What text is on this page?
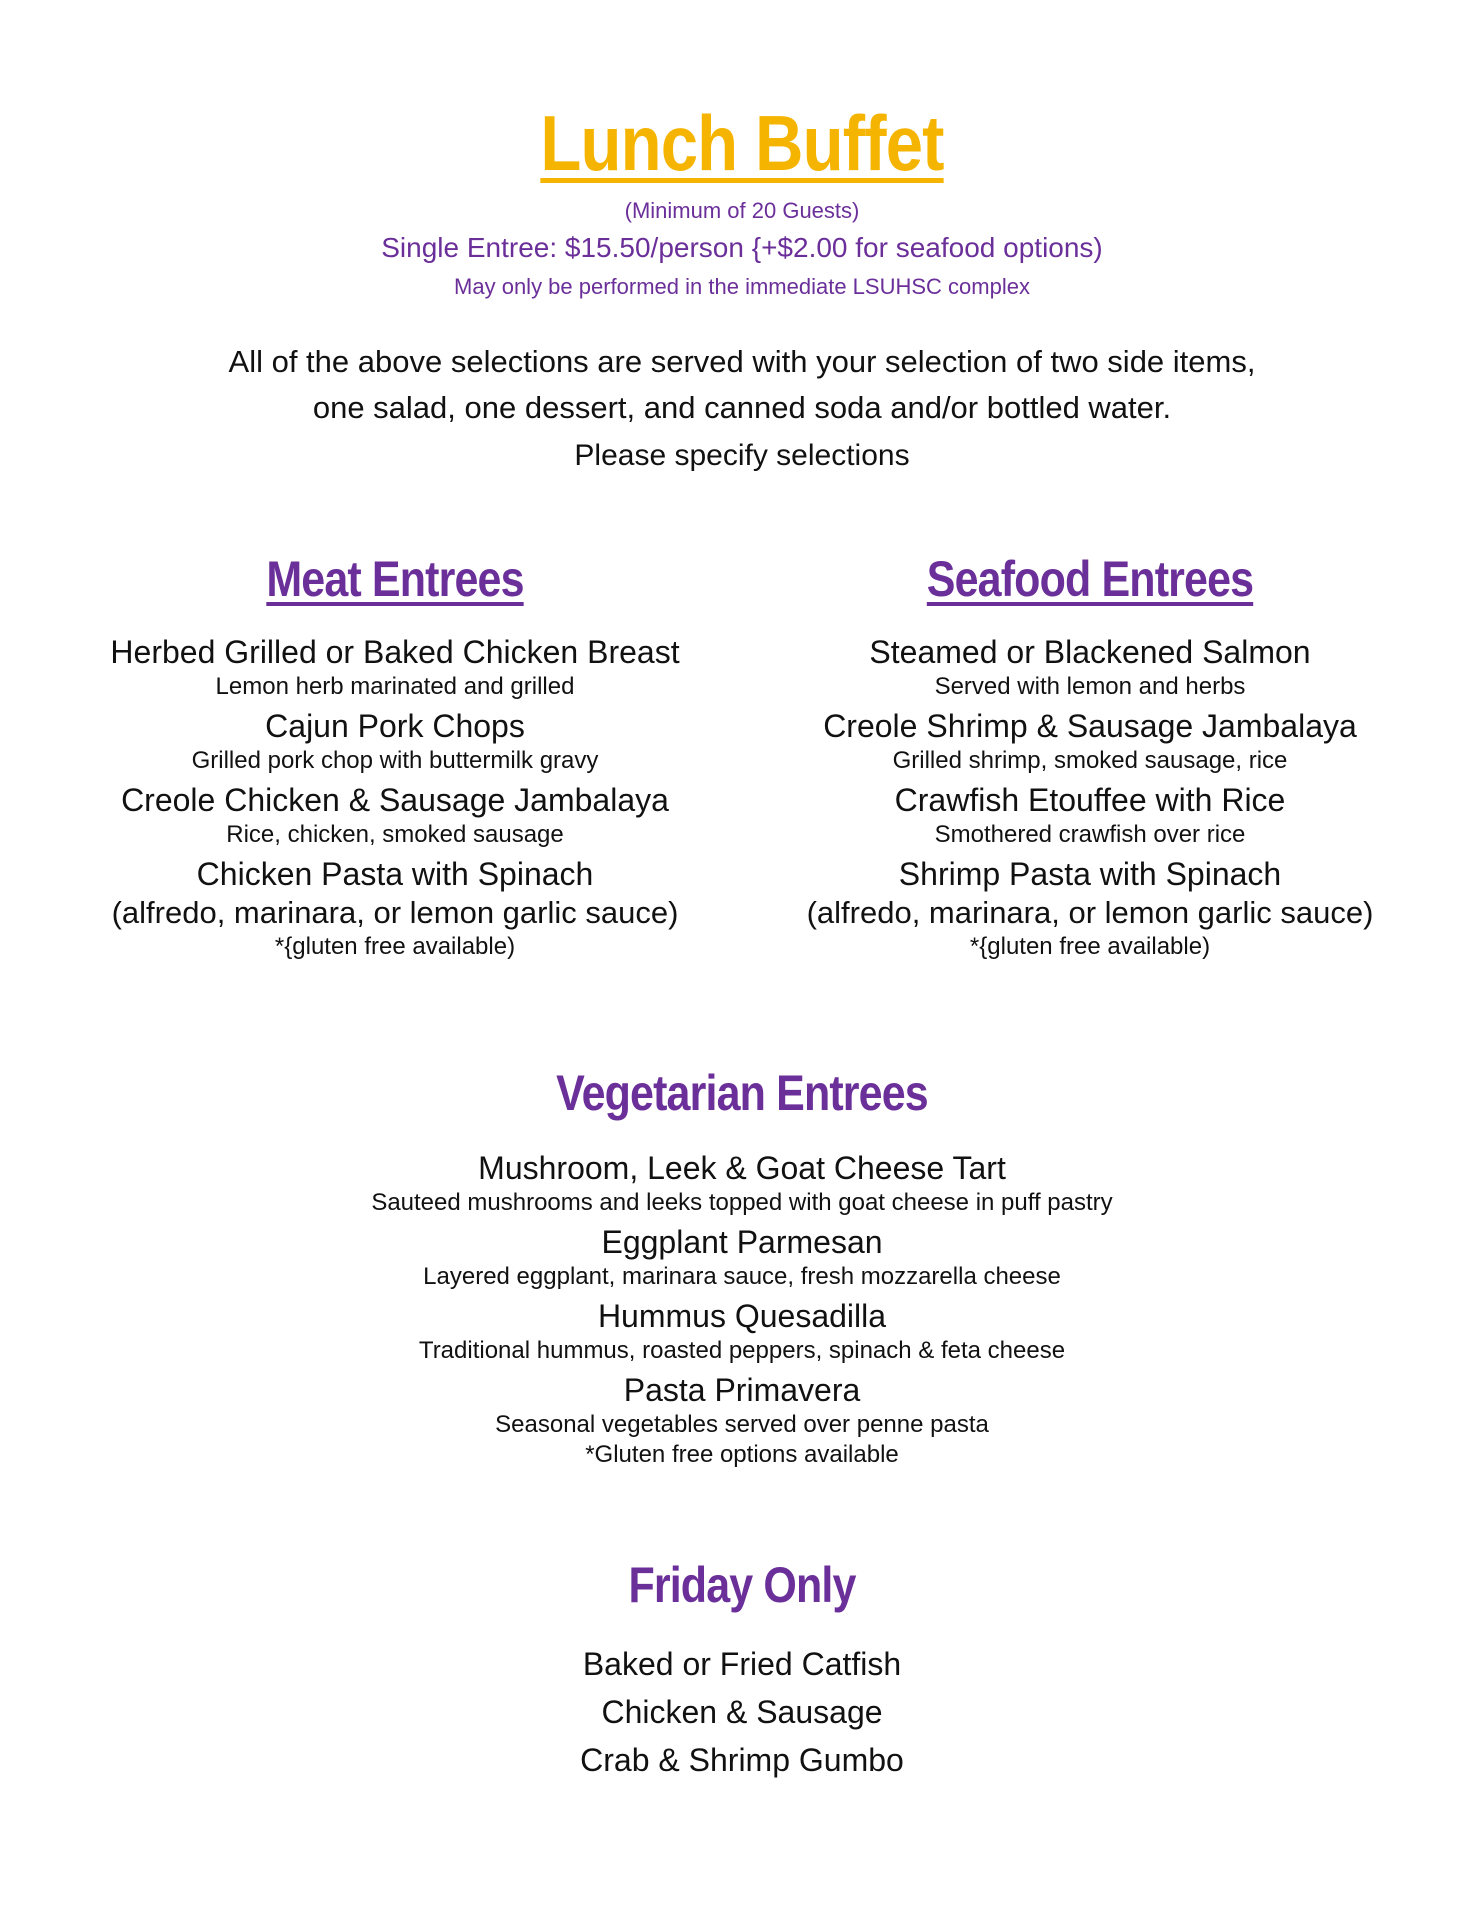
Lunch Buffet
(Minimum of 20 Guests)
Single Entree: $15.50/person {+$2.00 for seafood options)
May only be performed in the immediate LSUHSC complex
All of the above selections are served with your selection of two side items,
one salad, one dessert, and canned soda and/or bottled water.
Please specify selections
Meat Entrees
Herbed Grilled or Baked Chicken Breast
Lemon herb marinated and grilled
Cajun Pork Chops
Grilled pork chop with buttermilk gravy
Creole Chicken & Sausage Jambalaya
Rice, chicken, smoked sausage
Chicken Pasta with Spinach
(alfredo, marinara, or lemon garlic sauce)
*{gluten free available)
Seafood Entrees
Steamed or Blackened Salmon
Served with lemon and herbs
Creole Shrimp & Sausage Jambalaya
Grilled shrimp, smoked sausage, rice
Crawfish Etouffee with Rice
Smothered crawfish over rice
Shrimp Pasta with Spinach
(alfredo, marinara, or lemon garlic sauce)
*{gluten free available)
Vegetarian Entrees
Mushroom, Leek & Goat Cheese Tart
Sauteed mushrooms and leeks topped with goat cheese in puff pastry
Eggplant Parmesan
Layered eggplant, marinara sauce, fresh mozzarella cheese
Hummus Quesadilla
Traditional hummus, roasted peppers, spinach & feta cheese
Pasta Primavera
Seasonal vegetables served over penne pasta
*Gluten free options available
Friday Only
Baked or Fried Catfish
Chicken & Sausage
Crab & Shrimp Gumbo
